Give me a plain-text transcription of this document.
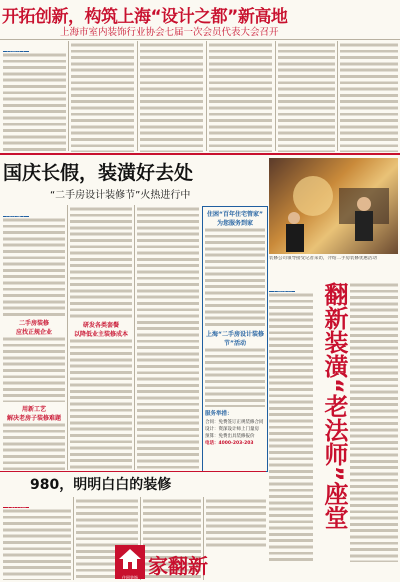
开拓创新，构筑上海“设计之都”新高地
上海市室内装饰行业协会七届一次会员代表大会召开
国庆长假，装潢好去处
“二手房设计装修节”火热进行中
二手房装修
应找正规企业
用新工艺
解决老房子装修难题
研发各类套餐
以降低业主装修成本
住困“百年住宅管家”
为您服务到家
上海“二手房设计装修节”活动
服务举措：
合同：免费签订正规装修合同
设计：资深设计师上门量房
预算：免费出具装修报价
电话：4000-203-203
装修公司领导接受记者采访，介绍二手房装修优惠活动
翻新装潢“老法师”座堂
980，明明白白的装修
住困装饰 家翻新
